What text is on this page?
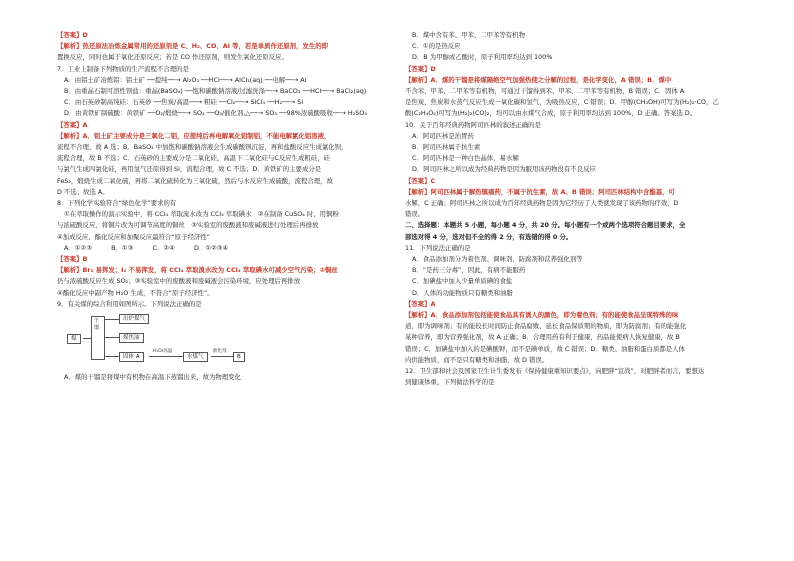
【答案】D
【解析】热还原法冶炼金属常用的还原剂是 C、H₂、CO、Al 等，若是单质作还原剂，发生的即
置换反应，同时也属于氧化还原反应；若是 CO 作还原剂，则发生氧化还原反应。
7．工业上制备下列物质的生产流程不合理的是
A．由铝土矿冶炼铝：铝土矿 ──提纯──→ Al₂O₃ ──HCl──→ AlCl₃(aq) ──电解──→ Al
B．由重晶石制可溶性钡盐：重晶(BaSO₄) ──饱和碳酸钠溶液/过滤洗涤──→ BaCO₃ ──HCl──→ BaCl₂(aq)
C．由石英砂制高纯硅：石英砂 ──焦炭/高温──→ 粗硅 ──Cl₂──→ SiCl₄ ──H₂──→ Si
D．由黄铁矿制硫酸：黄铁矿 ──O₂/煅烧──→ SO₂ ──O₂/催化剂,△──→ SO₃ ──98%浓硫酸吸收──→ H₂SO₄
【答案】A
【解析】A．铝土矿主要成分是三氧化二铝，应提纯后再电解氧化铝制铝，不能电解氯化铝溶液，
流程不合理，故 A 选；B．BaSO₄ 中加饱和碳酸钠溶液会生成碳酸钡沉淀，再和盐酸反应生成氯化钡，
流程合理，故 B 不选；C．石英砂的主要成分是二氧化硅，高温下二氧化硅与C反应生成粗硅，硅
与氯气生成四氯化硅，再用氢气还原得到 Si，流程合理，故 C 不选；D．黄铁矿的主要成分是
FeS₂，煅烧生成二氧化硫，再将二氧化硫转化为三氧化硫，然后与水反应生成硫酸，流程合理，故
D 不选；故选 A。
8．下列化学实验符合“绿色化学”要求的有
①在萃取操作的演示实验中，将 CCl₄ 萃取溴水改为 CCl₄ 萃取碘水　②在制备 CuSO₄ 时，用铜粉
与浓硫酸反应，将铜片改为可调节高度的铜丝　③实验室的废酸液和废碱液进行处理后再排放
④加成反应、酯化反应和加聚反应最符合“原子经济性”
A．①②③　　　B．①③　　　C．②④　　　D．①②③④
【答案】B
【解析】Br₂ 易挥发；I₂ 不易挥发，将 CCl₄ 萃取溴水改为 CCl₄ 萃取碘水可减少空气污染；②铜丝
仍与浓硫酸反应生成 SO₂；③实验室中的废酸液和废碱液会污染环境，应处理后再排放
④酯化反应中副产物 H₂O 生成，不符合“原子经济性”。
9．有关煤的综合利用如图所示。下列说法正确的是
煤
干馏
出炉煤气
煤焦油
固体 A
H₂O/高温
水煤气
催化剂
B
A．煤的干馏是将煤中有机物在高温下蒸馏出来，故为物理变化
B．煤中含有苯、甲苯、二甲苯等有机物
C．①的是热反应
D．B 为甲醇或乙酸时，原子利用率均达到 100%
【答案】D
【解析】A．煤的干馏是将煤隔绝空气加强热使之分解的过程，是化学变化，A 错误；B．煤中
不含苯、甲苯、二甲苯等有机物，可通过干馏得到苯、甲苯、二甲苯等有机物，B 错误；C．固体 A
是焦炭，焦炭和水蒸气反应生成一氧化碳和氢气，为吸热反应，C 错误；D．甲醇(CH₃OH)可写为(H₂)₂·CO，乙
酸(C₂H₄O₂)可写为(H₂)₂(CO)₂，均可以由水煤气合成，原子利用率均达到 100%，D 正确。答案选 D。
10．关于百年经典药物阿司匹林的叙述正确的是
A．阿司匹林是治胃药
B．阿司匹林属于抗生素
C．阿司匹林是一种白色晶体，易水解
D．阿司匹林之所以成为经典药物是因为服用该药物没有不良反应
【答案】C
【解析】阿司匹林属于解热镇痛药，不属于抗生素，故 A、B 错误；阿司匹林结构中含酯基，可
水解，C 正确；阿司匹林之所以成为百年经典药物是因为它经历了人类就发现了该药物的疗效，D
错误。
二、选择题：本题共 5 小题，每小题 4 分，共 20 分。每小题有一个或两个选项符合题目要求，全
部选对得 4 分，选对但不全的得 2 分，有选错的得 0 分。
11．下列说法正确的是
A．食品添加剂分为着色剂、调味剂、防腐剂和营养强化剂等
B．“是药三分毒”，因此，有病不能服药
C．加碘盐中加入少量单质碘的食盐
D．人体的功能物质只有糖类和油脂
【答案】A
【解析】A．食品添加剂包括能使食品具有诱人的颜色，即为着色剂；有的能使食品呈现特殊的味
道，即为调味剂；有的能较长时间防止食品腐败、延长食品保质期的物质，即为防腐剂；有的能强化
某种营养，即为营养强化剂，故 A 正确；B．合理用药有利于健康，药品能使病人恢复健康，故 B
错误；C．加碘盐中加入的是碘酸钾，而不是碘单质，故 C 错误；D．糖类、油脂和蛋白质都是人体
内供能物质，而不是只有糖类和油脂，故 D 错误。
12．卫生部和社会及国家卫生计生委发布《保持健康重知识要点》，向肥胖“宣战”，对肥胖者而言，要想达
到健康体重，下列做法科学的是
